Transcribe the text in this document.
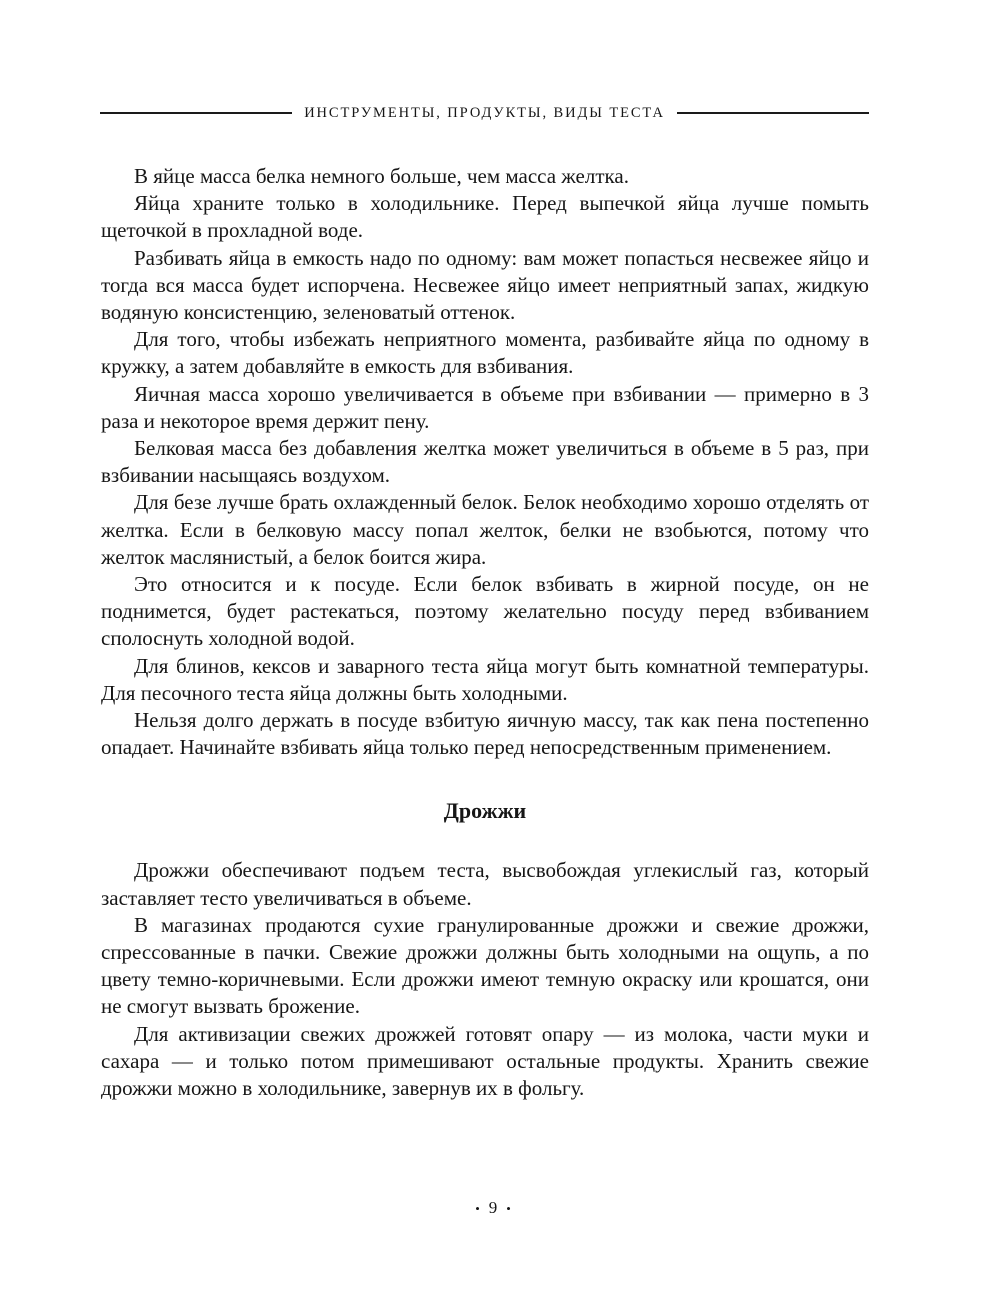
ИНСТРУМЕНТЫ, ПРОДУКТЫ, ВИДЫ ТЕСТА

В яйце масса белка немного больше, чем масса желтка.

Яйца храните только в холодильнике. Перед выпечкой яйца лучше помыть щеточкой в прохладной воде.

Разбивать яйца в емкость надо по одному: вам может попасться несвежее яйцо и тогда вся масса будет испорчена. Несвежее яйцо имеет неприятный запах, жидкую водяную консистенцию, зеленоватый оттенок.

Для того, чтобы избежать неприятного момента, разбивайте яйца по одному в кружку, а затем добавляйте в емкость для взбивания.

Яичная масса хорошо увеличивается в объеме при взбивании — примерно в 3 раза и некоторое время держит пену.

Белковая масса без добавления желтка может увеличиться в объеме в 5 раз, при взбивании насыщаясь воздухом.

Для безе лучше брать охлажденный белок. Белок необходимо хорошо отделять от желтка. Если в белковую массу попал желток, белки не взобьются, потому что желток маслянистый, а белок боится жира.

Это относится и к посуде. Если белок взбивать в жирной посуде, он не поднимется, будет растекаться, поэтому желательно посуду перед взбиванием сполоснуть холодной водой.

Для блинов, кексов и заварного теста яйца могут быть комнатной температуры. Для песочного теста яйца должны быть холодными.

Нельзя долго держать в посуде взбитую яичную массу, так как пена постепенно опадает. Начинайте взбивать яйца только перед непосредственным применением.

Дрожжи

Дрожжи обеспечивают подъем теста, высвобождая углекислый газ, который заставляет тесто увеличиваться в объеме.

В магазинах продаются сухие гранулированные дрожжи и свежие дрожжи, спрессованные в пачки. Свежие дрожжи должны быть холодными на ощупь, а по цвету темно-коричневыми. Если дрожжи имеют темную окраску или крошатся, они не смогут вызвать брожение.

Для активизации свежих дрожжей готовят опару — из молока, части муки и сахара — и только потом примешивают остальные продукты. Хранить свежие дрожжи можно в холодильнике, завернув их в фольгу.

• 9 •
